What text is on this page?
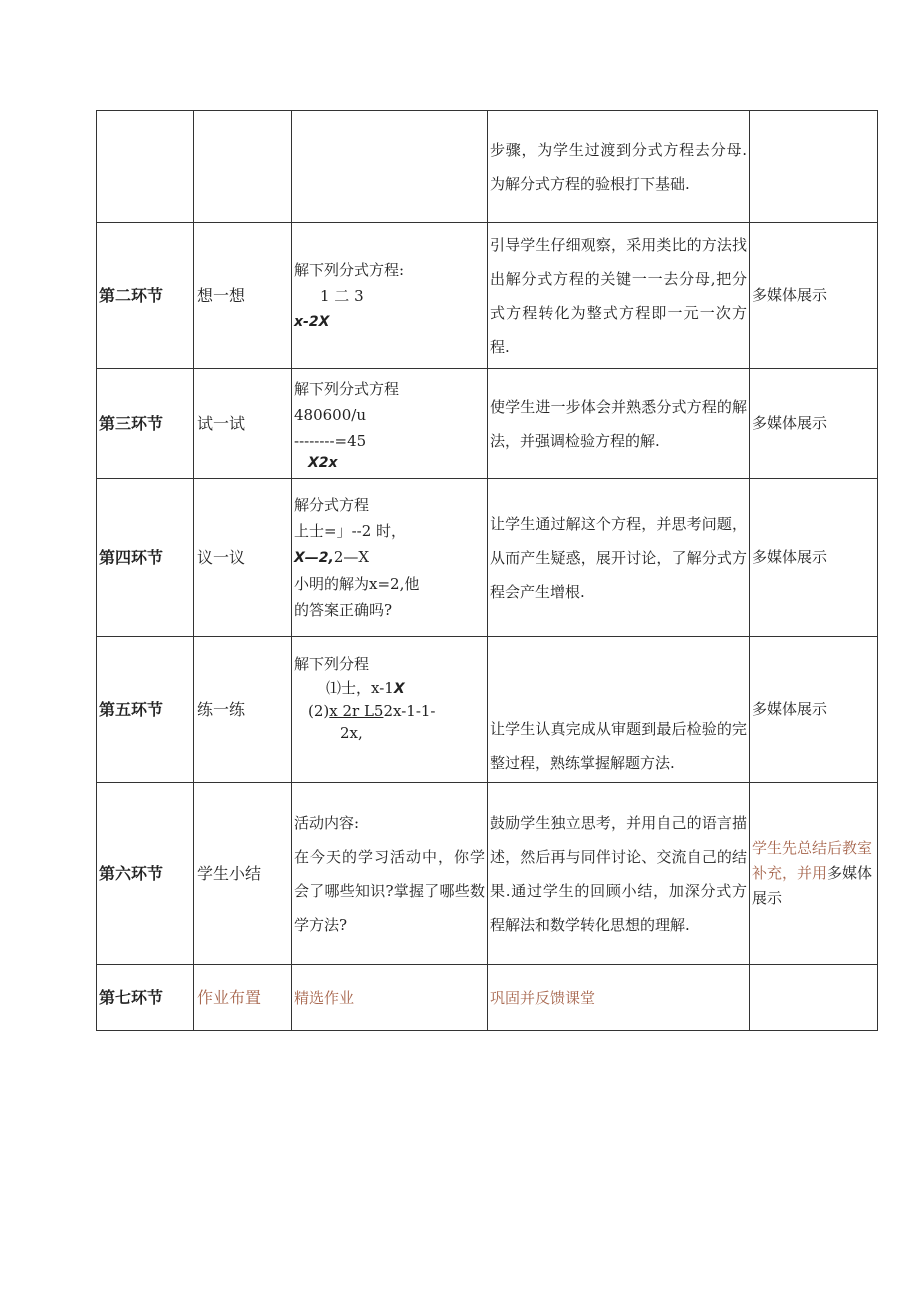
			步骤，为学生过渡到分式方程去分母.为解分式方程的验根打下基础.	
第二环节	想一想	解下列分式方程:
1 二 3
x-2X	引导学生仔细观察，采用类比的方法找出解分式方程的关键一一去分母,把分式方程转化为整式方程即一元一次方程.	多媒体展示
第三环节	试一试	解下列分式方程
480600/u
--------=45
X2x	使学生进一步体会并熟悉分式方程的解法，并强调检验方程的解.	多媒体展示
第四环节	议一议	解分式方程
上士=」--2 时，
X—2,2—X
小明的解为x=2,他
的答案正确吗?	让学生通过解这个方程，并思考问题，从而产生疑惑，展开讨论，了解分式方程会产生增根.	多媒体展示
第五环节	练一练	解下列分程
⑴士，x-1X
(2)x 2r L52x-1-1-
2x,	让学生认真完成从审题到最后检验的完整过程，熟练掌握解题方法.	多媒体展示
第六环节	学生小结	活动内容:
在今天的学习活动中，你学会了哪些知识?掌握了哪些数学方法?	鼓励学生独立思考，并用自己的语言描述，然后再与同伴讨论、交流自己的结果.通过学生的回顾小结，加深分式方程解法和数学转化思想的理解.	学生先总结后教室补充，并用多媒体展示
第七环节	作业布置	精选作业	巩固并反馈课堂	
